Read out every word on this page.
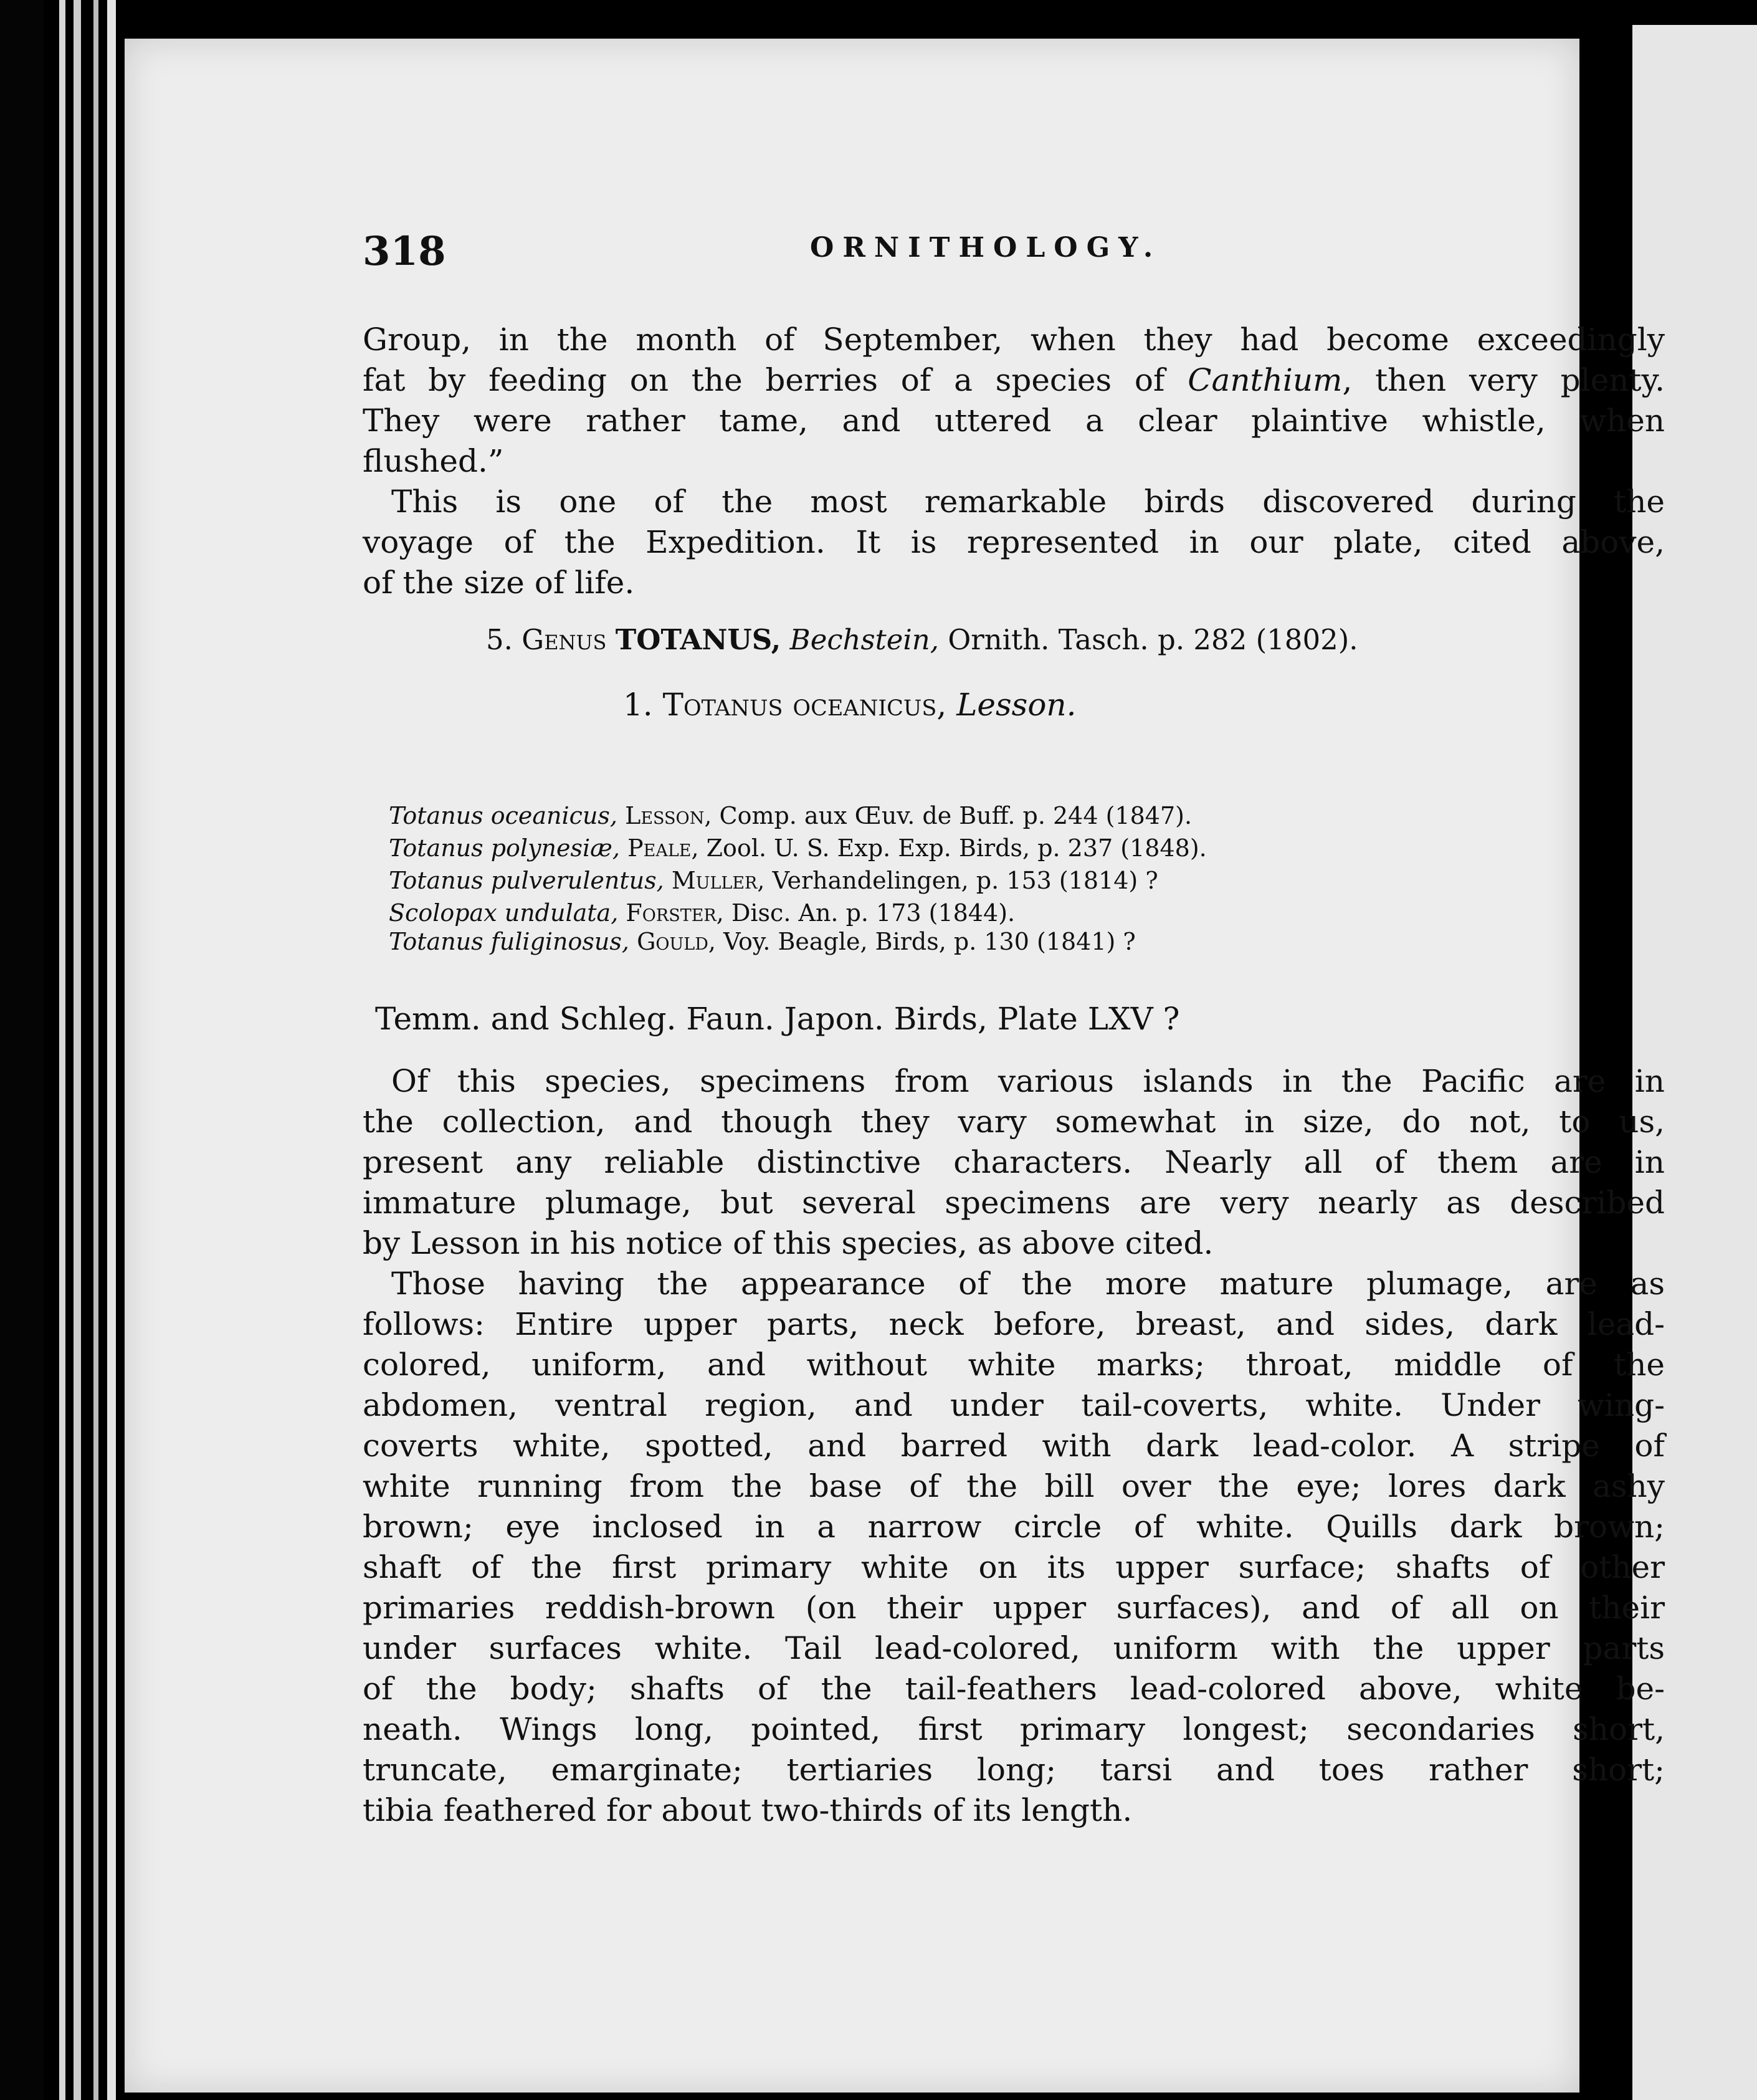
318	ORNITHOLOGY.
Group, in the month of September, when they had become exceedingly
fat by feeding on the berries of a species of Canthium, then very plenty.
They were rather tame, and uttered a clear plaintive whistle, when
flushed.”
This is one of the most remarkable birds discovered during the
voyage of the Expedition. It is represented in our plate, cited above,
of the size of life.
5. Genus TOTANUS, Bechstein, Ornith. Tasch. p. 282 (1802).
1. Totanus oceanicus, Lesson.
Totanus oceanicus, Lesson, Comp. aux Œuv. de Buff. p. 244 (1847).
Totanus polynesiæ, Peale, Zool. U. S. Exp. Exp. Birds, p. 237 (1848).
Totanus pulverulentus, Muller, Verhandelingen, p. 153 (1814) ?
Scolopax undulata, Forster, Disc. An. p. 173 (1844).
Totanus fuliginosus, Gould, Voy. Beagle, Birds, p. 130 (1841) ?
Temm. and Schleg. Faun. Japon. Birds, Plate LXV ?
Of this species, specimens from various islands in the Pacific are in
the collection, and though they vary somewhat in size, do not, to us,
present any reliable distinctive characters. Nearly all of them are in
immature plumage, but several specimens are very nearly as described
by Lesson in his notice of this species, as above cited.
Those having the appearance of the more mature plumage, are as
follows: Entire upper parts, neck before, breast, and sides, dark lead-
colored, uniform, and without white marks; throat, middle of the
abdomen, ventral region, and under tail-coverts, white. Under wing-
coverts white, spotted, and barred with dark lead-color. A stripe of
white running from the base of the bill over the eye; lores dark ashy
brown; eye inclosed in a narrow circle of white. Quills dark brown;
shaft of the first primary white on its upper surface; shafts of other
primaries reddish-brown (on their upper surfaces), and of all on their
under surfaces white. Tail lead-colored, uniform with the upper parts
of the body; shafts of the tail-feathers lead-colored above, white be-
neath. Wings long, pointed, first primary longest; secondaries short,
truncate, emarginate; tertiaries long; tarsi and toes rather short;
tibia feathered for about two-thirds of its length.
